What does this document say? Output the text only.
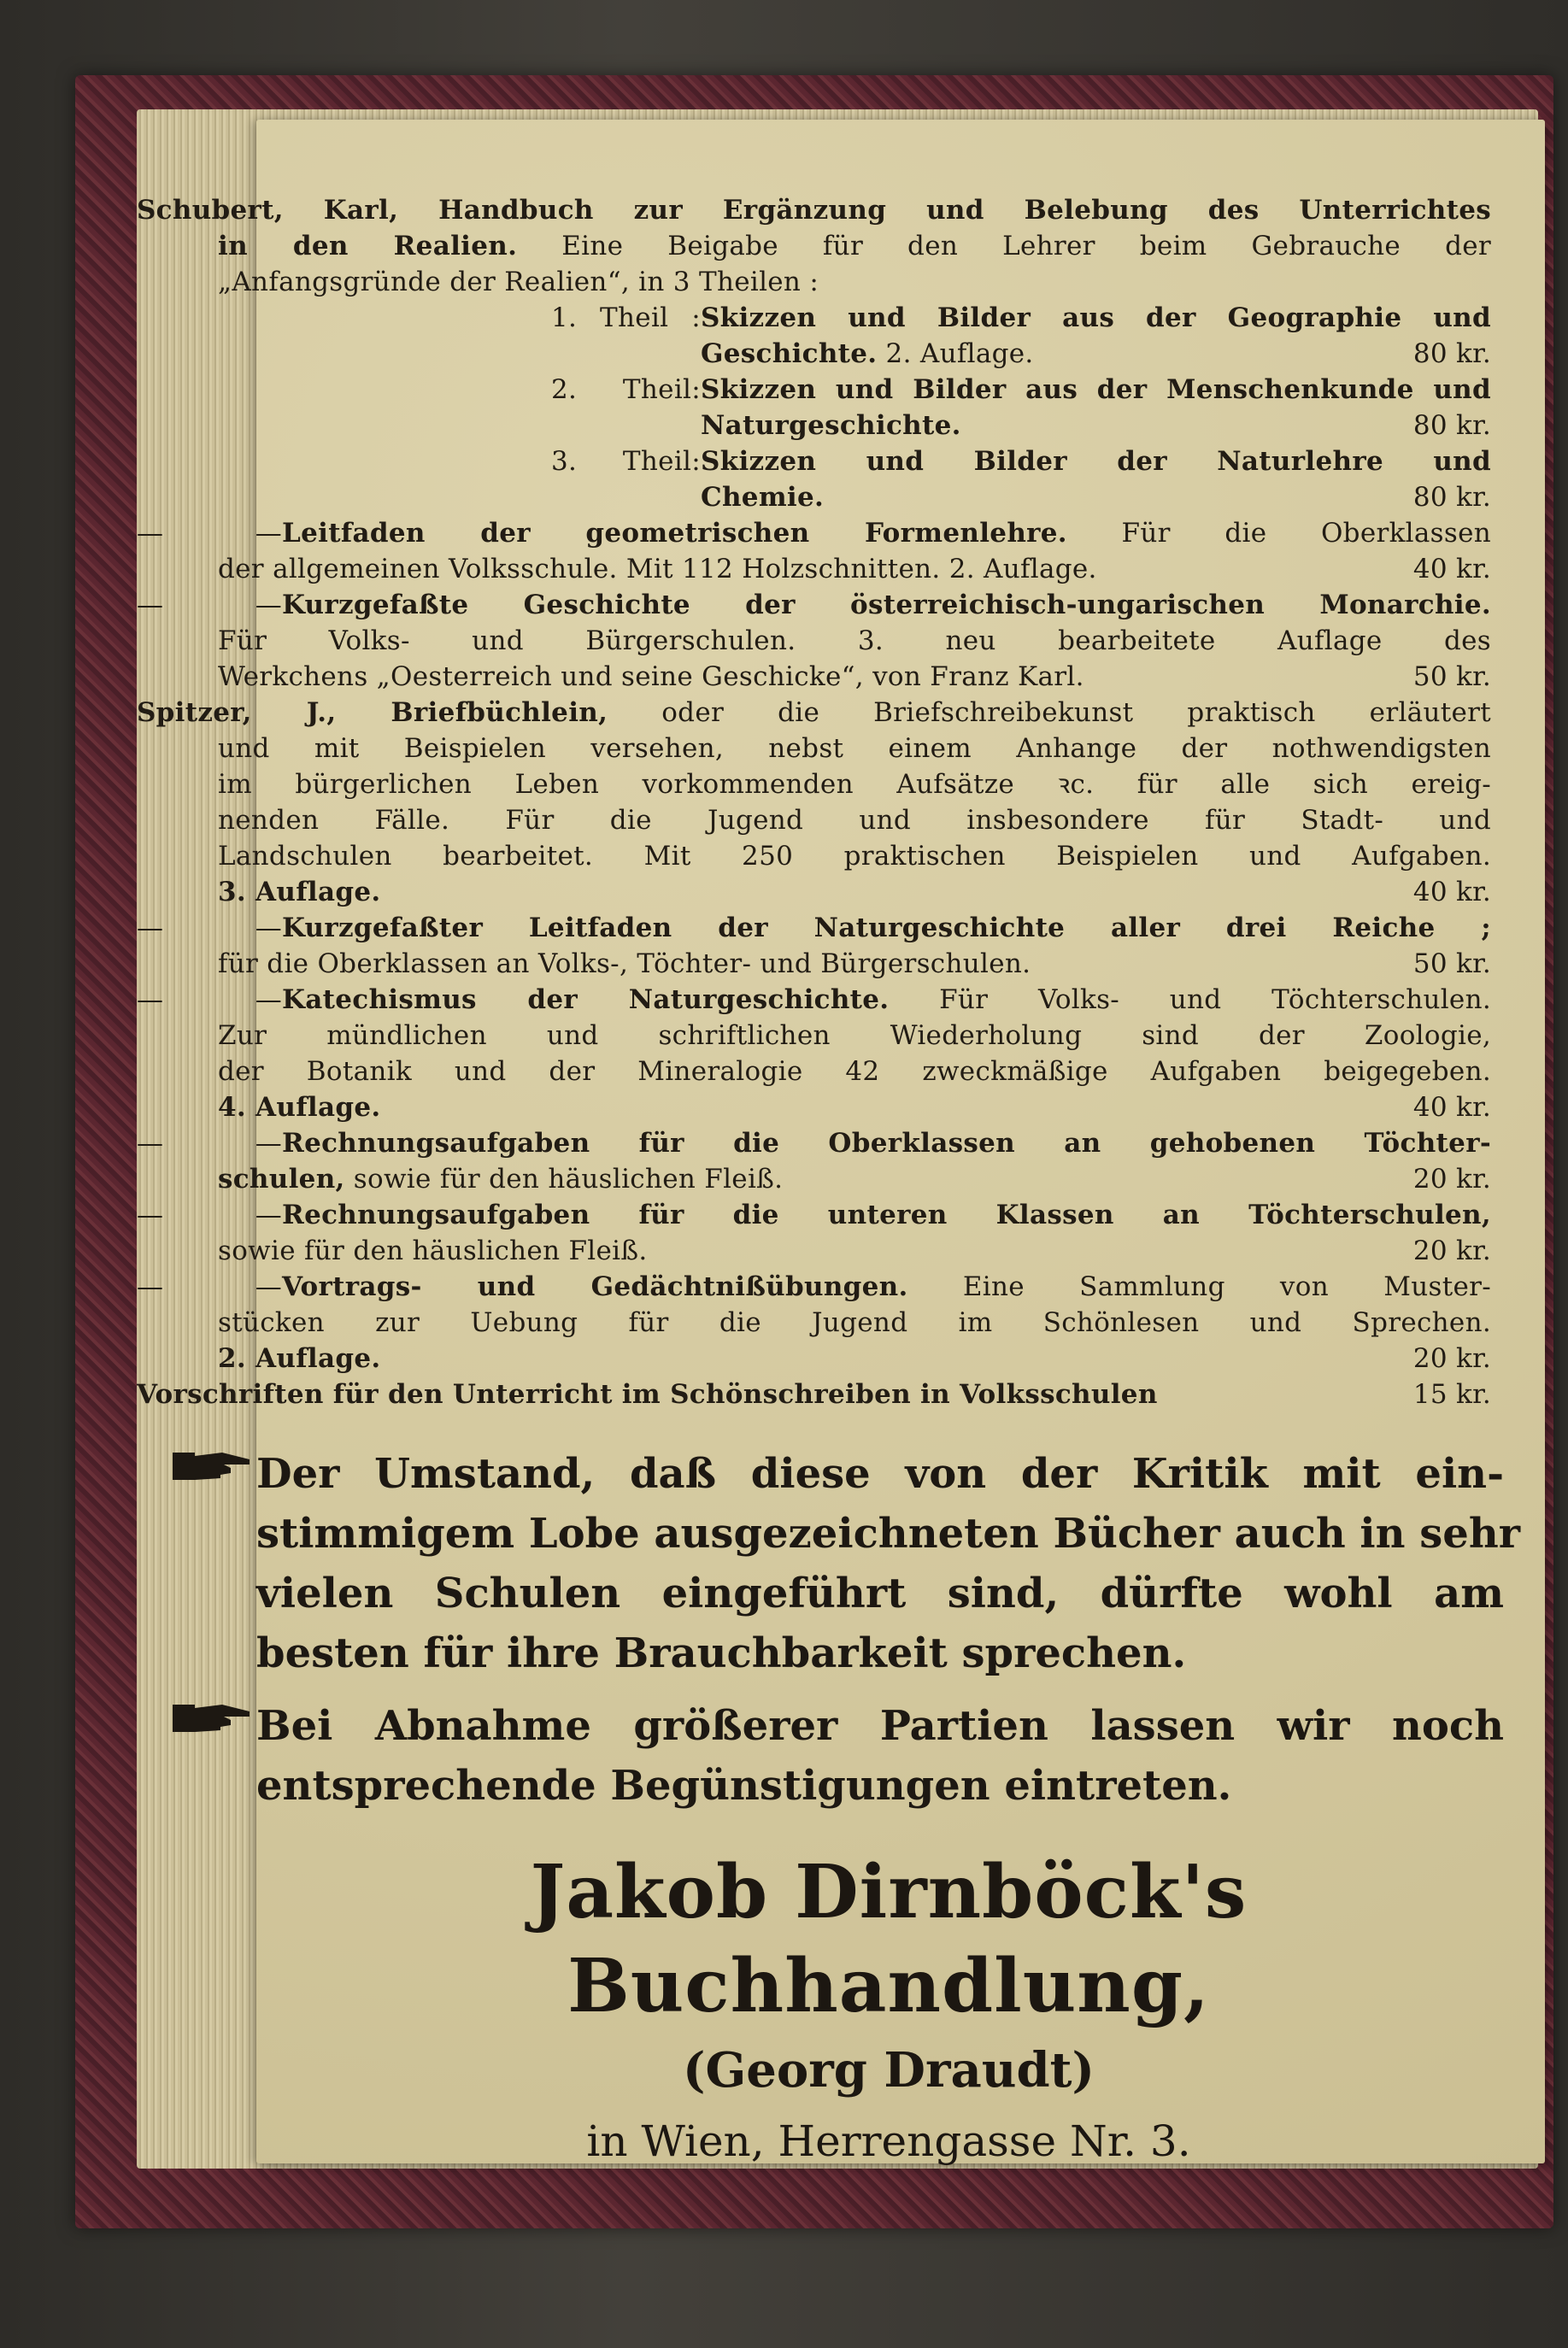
Schubert, Karl, Handbuch zur Ergänzung und Belebung des Unterrichtes
in den Realien. Eine Beigabe für den Lehrer beim Gebrauche der
„Anfangsgründe der Realien“, in 3 Theilen :
1. Theil :Skizzen und Bilder aus der Geographie und
Geschichte. 2. Auflage.	80 kr.
2. Theil:Skizzen und Bilder aus der Menschenkunde und
Naturgeschichte.	80 kr.
3. Theil:Skizzen und Bilder der Naturlehre und
Chemie.	80 kr.
— —Leitfaden der geometrischen Formenlehre. Für die Oberklassen
der allgemeinen Volksschule. Mit 112 Holzschnitten. 2. Auflage.	40 kr.
— —Kurzgefaßte Geschichte der österreichisch-ungarischen Monarchie.
Für Volks- und Bürgerschulen. 3. neu bearbeitete Auflage des
Werkchens „Oesterreich und seine Geschicke“, von Franz Karl.	50 kr.
Spitzer, J., Briefbüchlein, oder die Briefschreibekunst praktisch erläutert
und mit Beispielen versehen, nebst einem Anhange der nothwendigsten
im bürgerlichen Leben vorkommenden Aufsätze ꝛc. für alle sich ereig-
nenden Fälle. Für die Jugend und insbesondere für Stadt- und
Landschulen bearbeitet. Mit 250 praktischen Beispielen und Aufgaben.
3. Auflage.	40 kr.
— —Kurzgefaßter Leitfaden der Naturgeschichte aller drei Reiche ;
für die Oberklassen an Volks-, Töchter- und Bürgerschulen.	50 kr.
— —Katechismus der Naturgeschichte. Für Volks- und Töchterschulen.
Zur mündlichen und schriftlichen Wiederholung sind der Zoologie,
der Botanik und der Mineralogie 42 zweckmäßige Aufgaben beigegeben.
4. Auflage.	40 kr.
— —Rechnungsaufgaben für die Oberklassen an gehobenen Töchter-
schulen, sowie für den häuslichen Fleiß.	20 kr.
— —Rechnungsaufgaben für die unteren Klassen an Töchterschulen,
sowie für den häuslichen Fleiß.	20 kr.
— —Vortrags- und Gedächtnißübungen. Eine Sammlung von Muster-
stücken zur Uebung für die Jugend im Schönlesen und Sprechen.
2. Auflage.	20 kr.
Vorschriften für den Unterricht im Schönschreiben in Volksschulen	15 kr.
Der Umstand, daß diese von der Kritik mit ein-
stimmigem Lobe ausgezeichneten Bücher auch in sehr
vielen Schulen eingeführt sind, dürfte wohl am
besten für ihre Brauchbarkeit sprechen.
Bei Abnahme größerer Partien lassen wir noch
entsprechende Begünstigungen eintreten.
Jakob Dirnböck's Buchhandlung,
(Georg Draudt)
in Wien, Herrengasse Nr. 3.
